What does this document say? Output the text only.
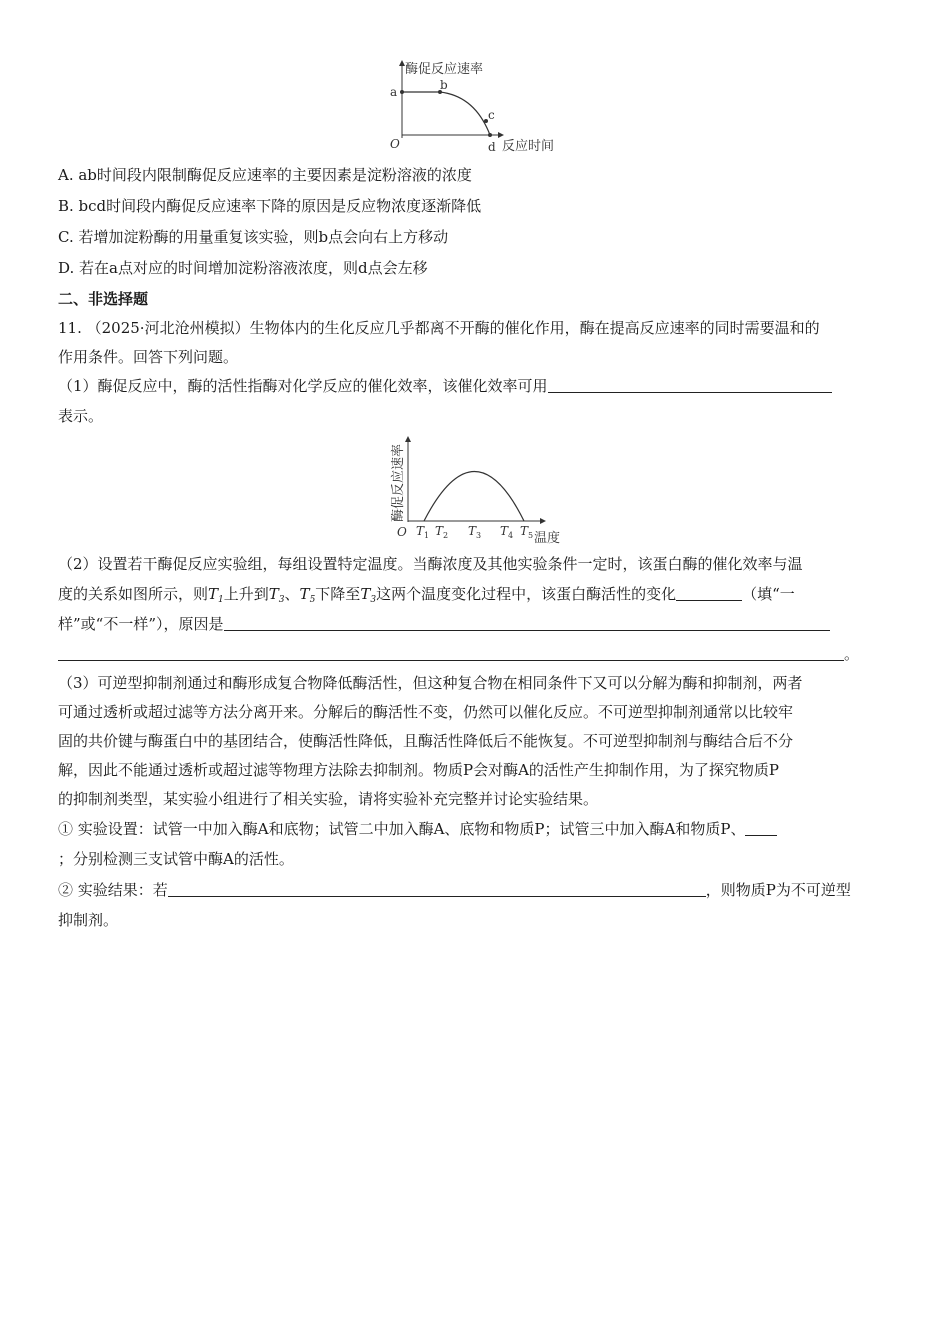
酶促反应速率
反应时间
O
a	b
c
d
A. ab时间段内限制酶促反应速率的主要因素是淀粉溶液的浓度
B. bcd时间段内酶促反应速率下降的原因是反应物浓度逐渐降低
C. 若增加淀粉酶的用量重复该实验，则b点会向右上方移动
D. 若在a点对应的时间增加淀粉溶液浓度，则d点会左移
二、非选择题
11. （2025·河北沧州模拟）生物体内的生化反应几乎都离不开酶的催化作用，酶在提高反应速率的同时需要温和的
作用条件。回答下列问题。
（1）酶促反应中，酶的活性指酶对化学反应的催化效率，该催化效率可用
表示。
酶促反应速率
温度
O T 1 T 2 T 3 T 4 T 5
（2）设置若干酶促反应实验组，每组设置特定温度。当酶浓度及其他实验条件一定时，该蛋白酶的催化效率与温
度的关系如图所示，则$T_1$上升到$T_3$、$T_5$下降至$T_3$这两个温度变化过程中，该蛋白酶活性的变化	（填“一
样”或“不一样”），原因是
。
（3）可逆型抑制剂通过和酶形成复合物降低酶活性，但这种复合物在相同条件下又可以分解为酶和抑制剂，两者
可通过透析或超过滤等方法分离开来。分解后的酶活性不变，仍然可以催化反应。不可逆型抑制剂通常以比较牢
固的共价键与酶蛋白中的基团结合，使酶活性降低，且酶活性降低后不能恢复。不可逆型抑制剂与酶结合后不分
解，因此不能通过透析或超过滤等物理方法除去抑制剂。物质P会对酶A的活性产生抑制作用，为了探究物质P
的抑制剂类型，某实验小组进行了相关实验，请将实验补充完整并讨论实验结果。
① 实验设置：试管一中加入酶A和底物；试管二中加入酶A、底物和物质P；试管三中加入酶A和物质P、
；分别检测三支试管中酶A的活性。
② 实验结果：若	，则物质P为不可逆型
抑制剂。
